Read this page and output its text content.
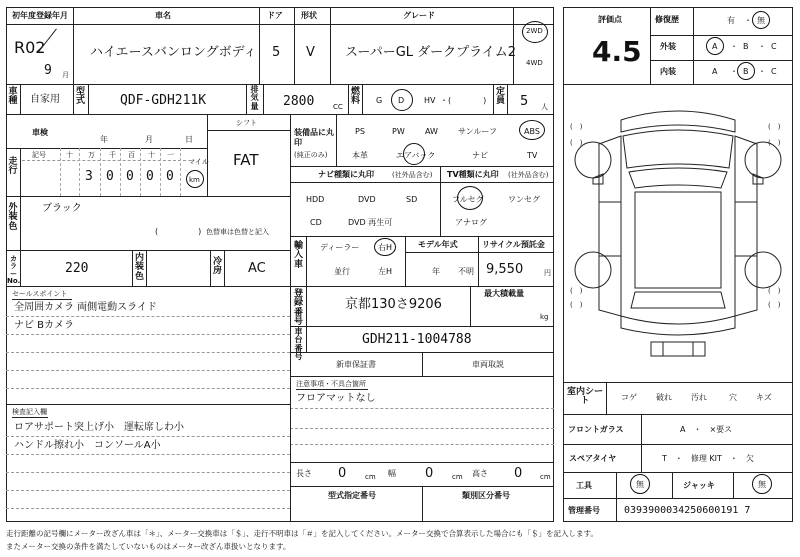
初年度登録年月	車名	ドア 形状	グレード
R02
9 月
ハイエースバンロングボディ 5 V スーパーGL ダークプライム2
2WD
4WD
評価点
4.5
修復歴	有 ・ 無
外装	A ・ B ・ C
内装	A ・ B ・ C
車種 自家用
型式	QDF-GDH211K
排気量 2800	CC
燃料 G D HV ・(　　　　)
定員 5 人
車検
年	月	日
シフト
FAT
走行
記号	十 万 千 百 十 一
マイル
3 0 0 0 0 km
外装色
ブラック
(　　　　　) 色替車は色替と記入
カラーNo.
220
内装色
冷房 AC
装備品に丸印
(純正のみ)
PS	PW	AW	サンルーフ	ABS
本革	エアバック	ナビ	TV
ナビ種類に丸印	(社外品含む)
HDD	DVD	SD
CD	DVD 再生可
TV種類に丸印 (社外品含む)
フルセグ	ワンセグ
アナログ
輸入車
ディーラー 右H
並行	左H
モデル年式
年 不明
リサイクル預託金
9,550	円
登録番号
京都130さ9206
最大積載量
kg
車台番号
GDH211-1004788
新車保証書	車両取説
注意事項・不具合箇所
フロアマットなし
セールスポイント
全周囲カメラ 両側電動スライド
ナビ Bカメラ
検査記入欄
ロアサポート突上げ小　運転席しわ小
ハンドル擦れ小　コンソールA小
長さ 0	cm 幅 0	cm 高さ 0	cm
型式指定番号	類別区分番号
(　)	(　)
(　)	(　)
(　)	(　)
(　)	(　)
室内シート	コゲ 破れ 汚れ	穴 キズ
フロントガラス	A　・　×要ス
スペアタイヤ	T　・　修理 KIT　・　欠
工具	無	ジャッキ	無
管理番号 0393900034250600191 7
走行距離の記号欄にメーター改ざん車は「＊」、メーター交換車は「＄」、走行不明車は「＃」を記入してください。メーター交換で合算表示した場合にも「＄」を記入します。
またメーター交換の条件を満たしていないものはメーター改ざん車扱いとなります。
